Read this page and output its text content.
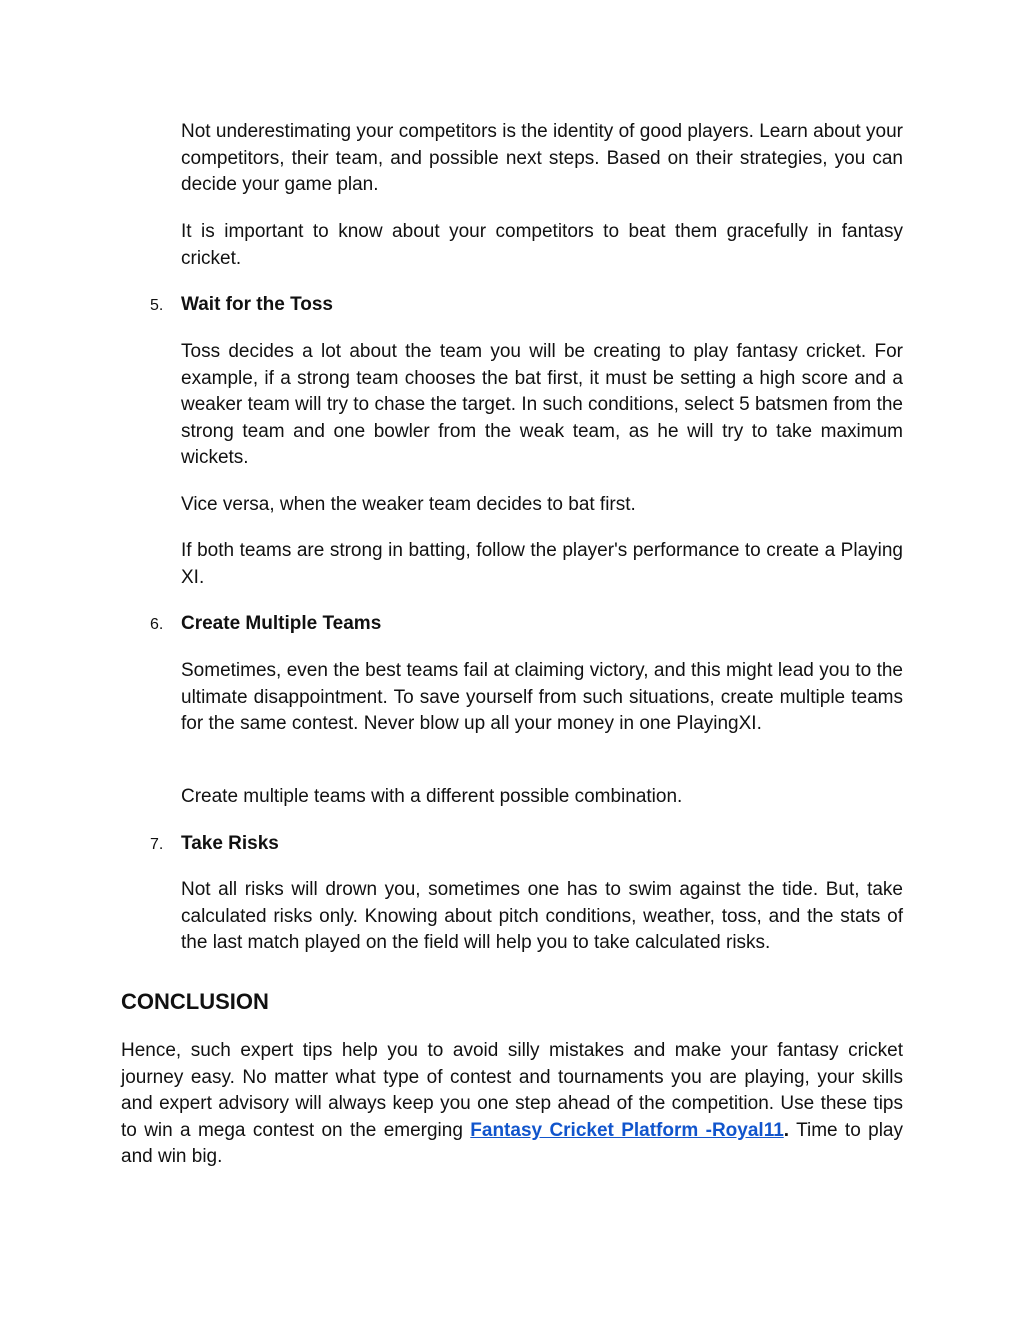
Not underestimating your competitors is the identity of good players. Learn about your competitors, their team, and possible next steps. Based on their strategies, you can decide your game plan.

It is important to know about your competitors to beat them gracefully in fantasy cricket.

5. Wait for the Toss

Toss decides a lot about the team you will be creating to play fantasy cricket. For example, if a strong team chooses the bat first, it must be setting a high score and a weaker team will try to chase the target. In such conditions, select 5 batsmen from the strong team and one bowler from the weak team, as he will try to take maximum wickets.

Vice versa, when the weaker team decides to bat first.

If both teams are strong in batting, follow the player's performance to create a Playing XI.

6. Create Multiple Teams

Sometimes, even the best teams fail at claiming victory, and this might lead you to the ultimate disappointment. To save yourself from such situations, create multiple teams for the same contest. Never blow up all your money in one PlayingXI.

Create multiple teams with a different possible combination.

7. Take Risks

Not all risks will drown you, sometimes one has to swim against the tide. But, take calculated risks only. Knowing about pitch conditions, weather, toss, and the stats of the last match played on the field will help you to take calculated risks.

CONCLUSION

Hence, such expert tips help you to avoid silly mistakes and make your fantasy cricket journey easy. No matter what type of contest and tournaments you are playing, your skills and expert advisory will always keep you one step ahead of the competition. Use these tips to win a mega contest on the emerging Fantasy Cricket Platform -Royal11. Time to play and win big.
